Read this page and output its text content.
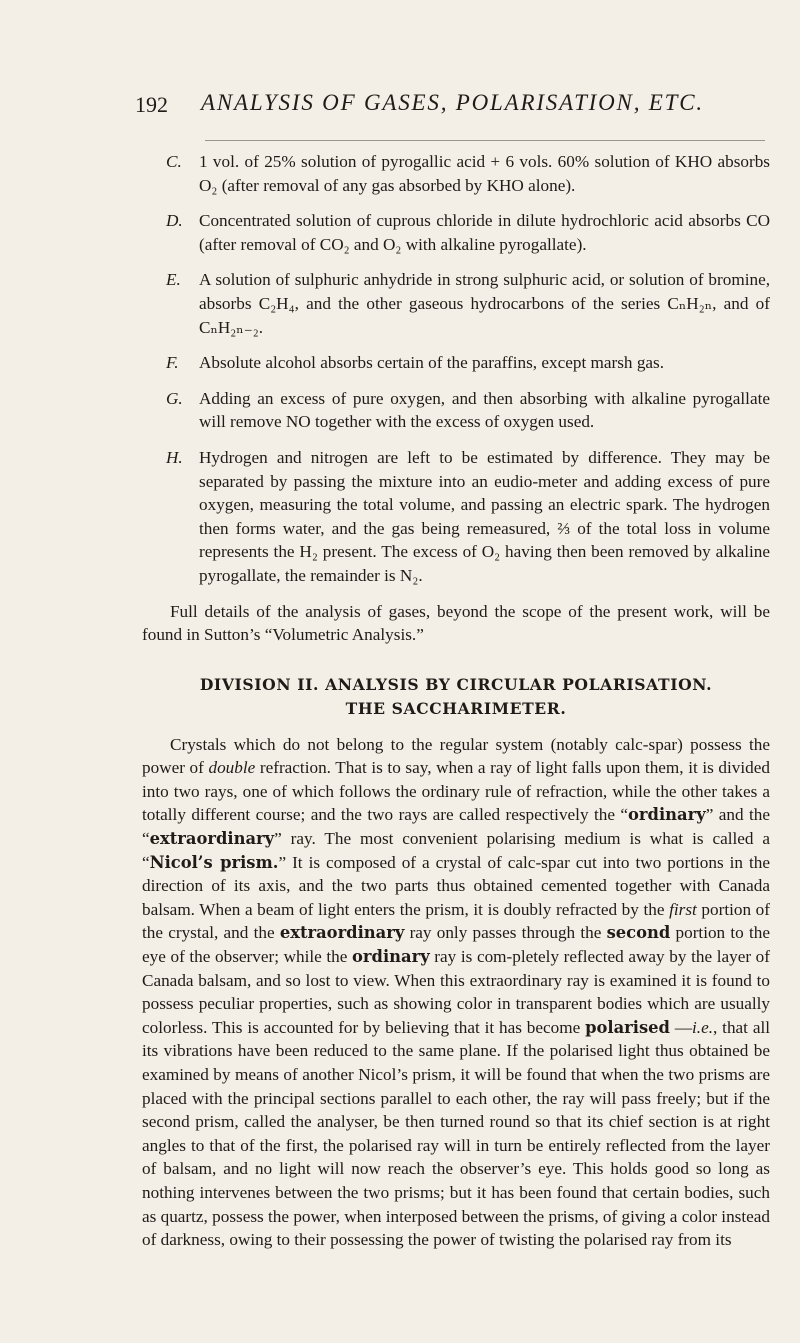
192 ANALYSIS OF GASES, POLARISATION, ETC.
C. 1 vol. of 25% solution of pyrogallic acid + 6 vols. 60% solution of KHO absorbs O₂ (after removal of any gas absorbed by KHO alone).
D. Concentrated solution of cuprous chloride in dilute hydrochloric acid absorbs CO (after removal of CO₂ and O₂ with alkaline pyrogallate).
E. A solution of sulphuric anhydride in strong sulphuric acid, or solution of bromine, absorbs C₂H₄, and the other gaseous hydrocarbons of the series CₙH₂ₙ, and of CₙH₂ₙ₋₂.
F. Absolute alcohol absorbs certain of the paraffins, except marsh gas.
G. Adding an excess of pure oxygen, and then absorbing with alkaline pyrogallate will remove NO together with the excess of oxygen used.
H. Hydrogen and nitrogen are left to be estimated by difference. They may be separated by passing the mixture into an eudio-meter and adding excess of pure oxygen, measuring the total volume, and passing an electric spark. The hydrogen then forms water, and the gas being remeasured, ⅔ of the total loss in volume represents the H₂ present. The excess of O₂ having then been removed by alkaline pyrogallate, the remainder is N₂.

Full details of the analysis of gases, beyond the scope of the present work, will be found in Sutton’s “Volumetric Analysis.”

DIVISION II. ANALYSIS BY CIRCULAR POLARISATION.
THE SACCHARIMETER.

Crystals which do not belong to the regular system (notably calc-spar) possess the power of double refraction. That is to say, when a ray of light falls upon them, it is divided into two rays, one of which follows the ordinary rule of refraction, while the other takes a totally different course; and the two rays are called respectively the “ordinary” and the “extraordinary” ray. The most convenient polarising medium is what is called a “Nicol’s prism.” It is composed of a crystal of calc-spar cut into two portions in the direction of its axis, and the two parts thus obtained cemented together with Canada balsam. When a beam of light enters the prism, it is doubly refracted by the first portion of the crystal, and the extraordinary ray only passes through the second portion to the eye of the observer; while the ordinary ray is com-pletely reflected away by the layer of Canada balsam, and so lost to view. When this extraordinary ray is examined it is found to possess peculiar properties, such as showing color in transparent bodies which are usually colorless. This is accounted for by believing that it has become polarised —i.e., that all its vibrations have been reduced to the same plane. If the polarised light thus obtained be examined by means of another Nicol’s prism, it will be found that when the two prisms are placed with the principal sections parallel to each other, the ray will pass freely; but if the second prism, called the analyser, be then turned round so that its chief section is at right angles to that of the first, the polarised ray will in turn be entirely reflected from the layer of balsam, and no light will now reach the observer’s eye. This holds good so long as nothing intervenes between the two prisms; but it has been found that certain bodies, such as quartz, possess the power, when interposed between the prisms, of giving a color instead of darkness, owing to their possessing the power of twisting the polarised ray from its
